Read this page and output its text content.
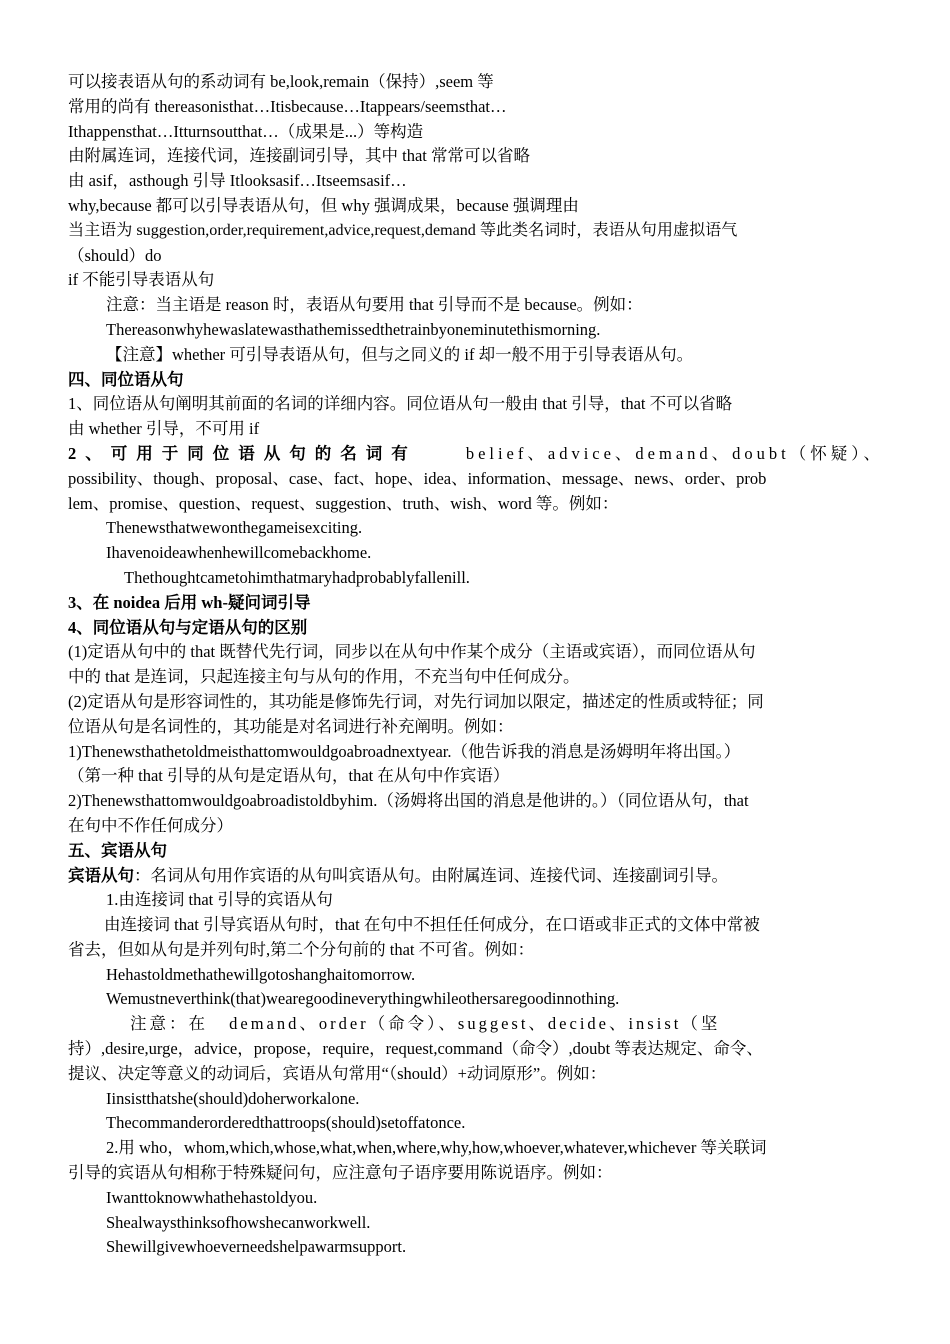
可以接表语从句的系动词有 be,look,remain（保持）,seem 等
常用的尚有 thereasonisthat…Itisbecause…Itappears/seemsthat…
Ithappensthat…Itturnsoutthat…（成果是...）等构造
由附属连词，连接代词，连接副词引导，其中 that 常常可以省略
由 asif，asthough 引导 Itlooksasif…Itseemsasif…
why,because 都可以引导表语从句，但 why 强调成果，because 强调理由
当主语为 suggestion,order,requirement,advice,request,demand 等此类名词时，表语从句用虚拟语气
（should）do
if 不能引导表语从句
注意：当主语是 reason 时，表语从句要用 that 引导而不是 because。例如：
Thereasonwhyhewaslatewasthathemissedthetrainbyoneminutethismorning.
【注意】whether 可引导表语从句，但与之同义的 if 却一般不用于引导表语从句。
四、同位语从句
1、同位语从句阐明其前面的名词的详细内容。同位语从句一般由 that 引导，that 不可以省略
由 whether 引导，不可用 if
2、可用于同位语从句的名词有	belief、advice、demand、doubt（怀疑）、
possibility、though、proposal、case、fact、hope、idea、information、message、news、order、prob
lem、promise、question、request、suggestion、truth、wish、word 等。例如：
Thenewsthatwewonthegameisexciting.
Ihavenoideawhenhewillcomebackhome.
Thethoughtcametohimthatmaryhadprobablyfallenill.
3、在 noidea 后用 wh-疑问词引导
4、同位语从句与定语从句的区别
(1)定语从句中的 that 既替代先行词，同步以在从句中作某个成分（主语或宾语），而同位语从句
中的 that 是连词，只起连接主句与从句的作用，不充当句中任何成分。
(2)定语从句是形容词性的，其功能是修饰先行词，对先行词加以限定，描述定的性质或特征；同
位语从句是名词性的，其功能是对名词进行补充阐明。例如：
1)Thenewsthathetoldmeisthattomwouldgoabroadnextyear.（他告诉我的消息是汤姆明年将出国。）
（第一种 that 引导的从句是定语从句，that 在从句中作宾语）
2)Thenewsthattomwouldgoabroadistoldbyhim.（汤姆将出国的消息是他讲的。）（同位语从句，that
在句中不作任何成分）
五、宾语从句
宾语从句：名词从句用作宾语的从句叫宾语从句。由附属连词、连接代词、连接副词引导。
1.由连接词 that 引导的宾语从句
由连接词 that 引导宾语从句时，that 在句中不担任任何成分，在口语或非正式的文体中常被
省去，但如从句是并列句时,第二个分句前的 that 不可省。例如：
Hehastoldmethathewillgotoshanghaitomorrow.
Wemustneverthink(that)wearegoodineverythingwhileothersaregoodinnothing.
注意：在 demand、order（命令）、suggest、decide、insist（坚
持）,desire,urge，advice，propose，require，request,command（命令）,doubt 等表达规定、命令、
提议、决定等意义的动词后，宾语从句常用“（should）+动词原形”。例如：
Iinsistthatshe(should)doherworkalone.
Thecommanderorderedthattroops(should)setoffatonce.
2.用 who，whom,which,whose,what,when,where,why,how,whoever,whatever,whichever 等关联词
引导的宾语从句相称于特殊疑问句，应注意句子语序要用陈说语序。例如：
Iwanttoknowwhathehastoldyou.
Shealwaysthinksofhowshecanworkwell.
Shewillgivewhoeverneedshelpawarmsupport.
